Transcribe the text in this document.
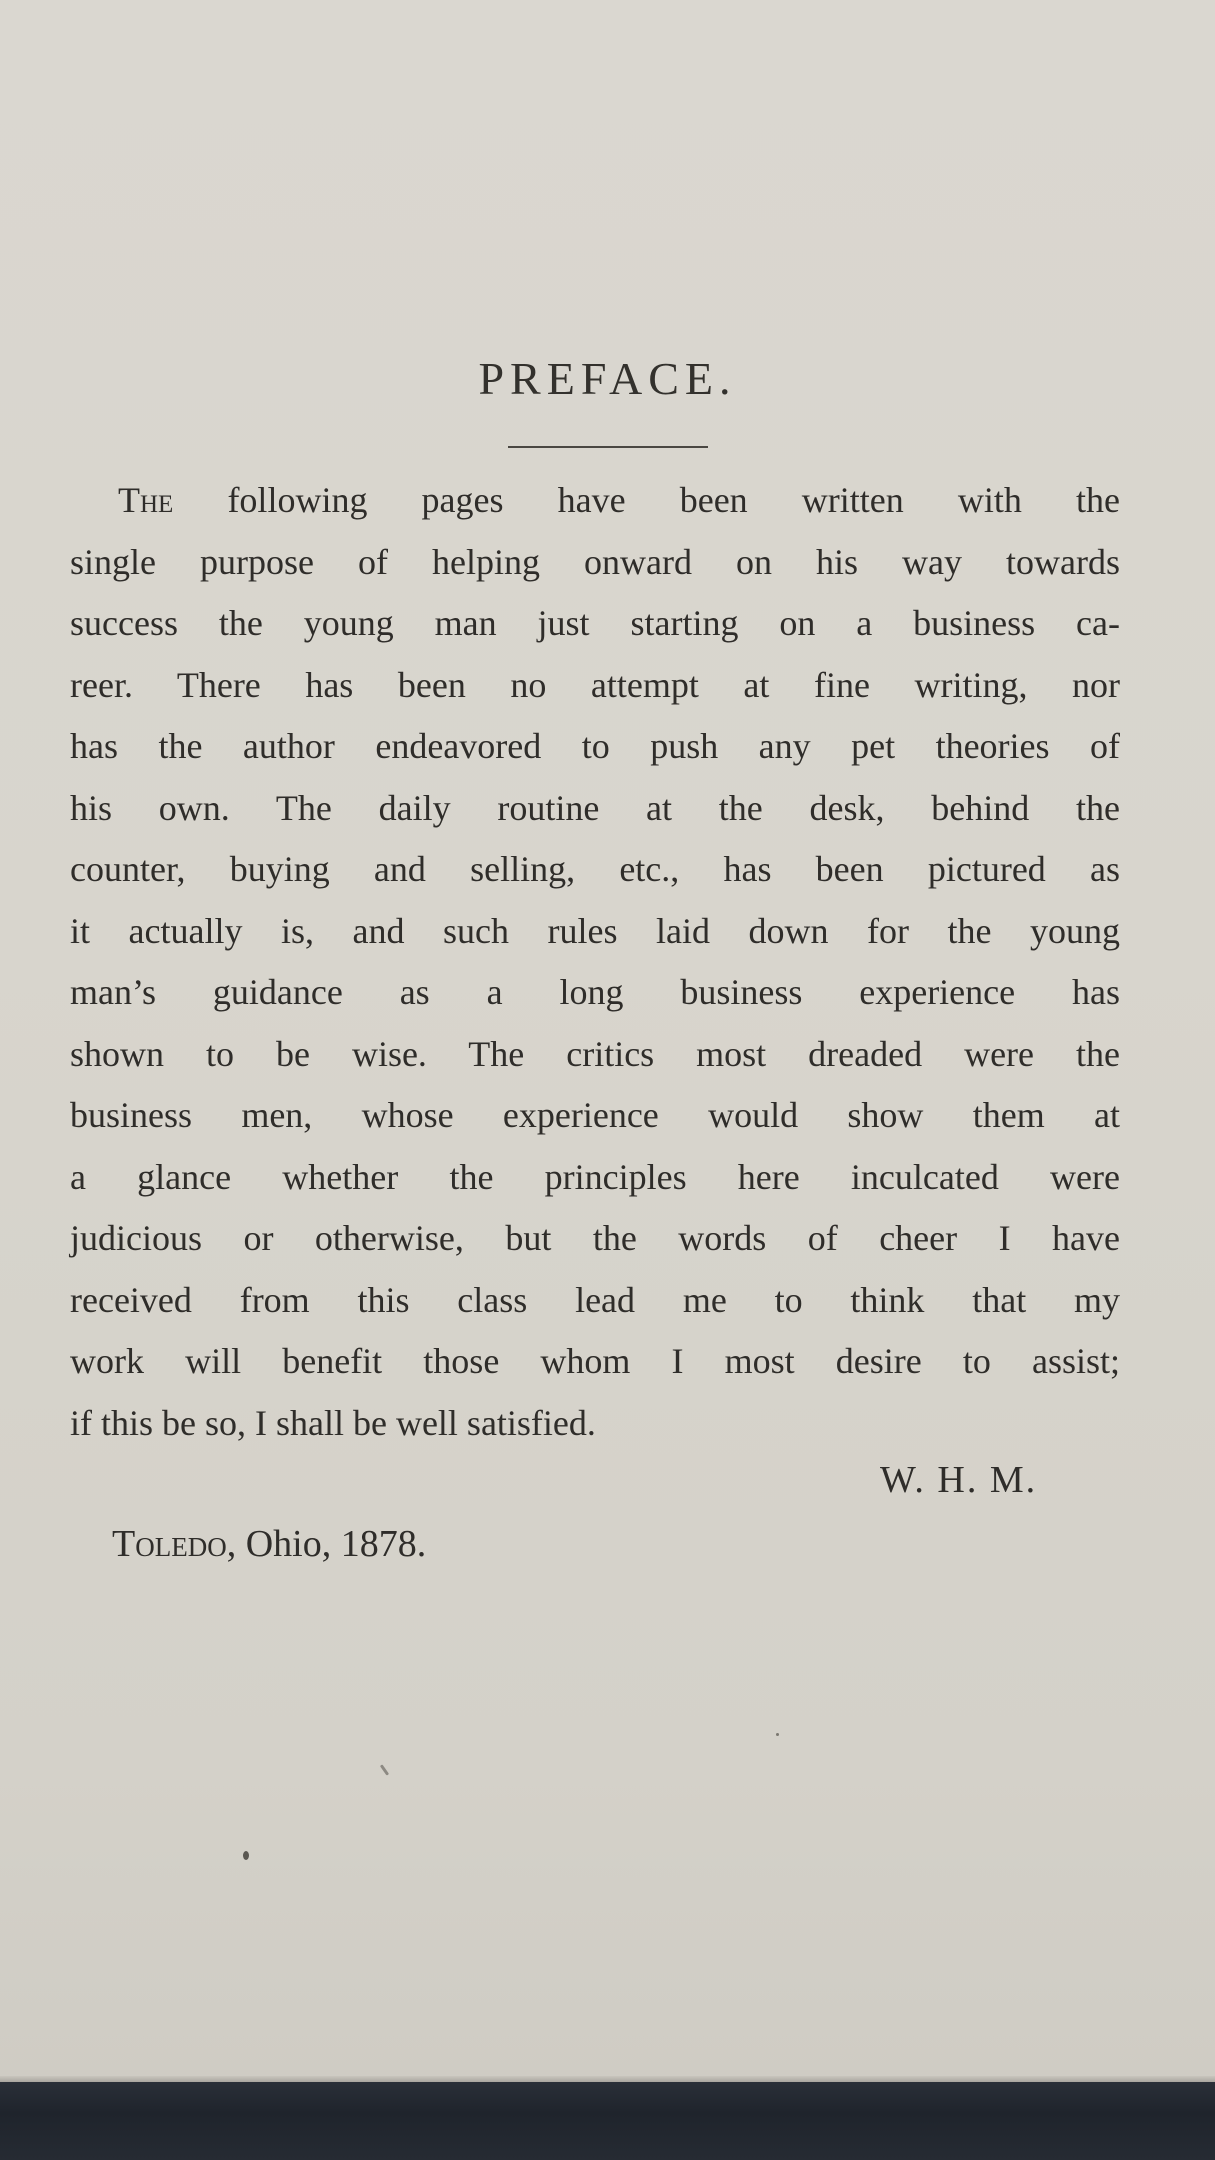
PREFACE.
The following pages have been written with the
single purpose of helping onward on his way towards
success the young man just starting on a business ca-
reer. There has been no attempt at fine writing, nor
has the author endeavored to push any pet theories of
his own. The daily routine at the desk, behind the
counter, buying and selling, etc., has been pictured as
it actually is, and such rules laid down for the young
man’s guidance as a long business experience has
shown to be wise. The critics most dreaded were the
business men, whose experience would show them at
a glance whether the principles here inculcated were
judicious or otherwise, but the words of cheer I have
received from this class lead me to think that my
work will benefit those whom I most desire to assist;
if this be so, I shall be well satisfied.

W. H. M.

Toledo, Ohio, 1878.
